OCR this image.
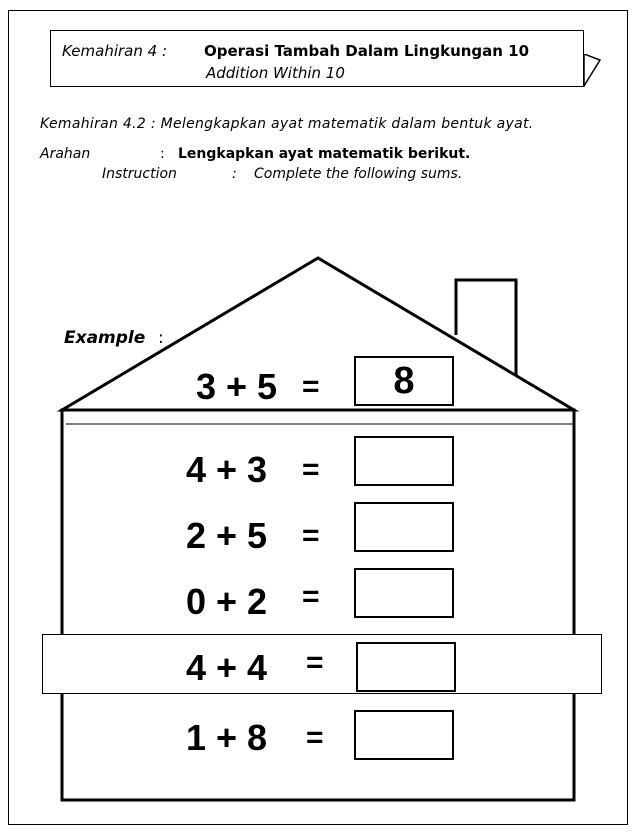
Kemahiran 4 : Operasi Tambah Dalam Lingkungan 10
Addition Within 10
Kemahiran 4.2 : Melengkapkan ayat matematik dalam bentuk ayat.
Arahan	: Lengkapkan ayat matematik berikut.
Instruction	: Complete the following sums.
Example :
3 + 5 =	8
4 + 3 =
2 + 5 =
0 + 2 =
4 + 4 =
1 + 8 =
